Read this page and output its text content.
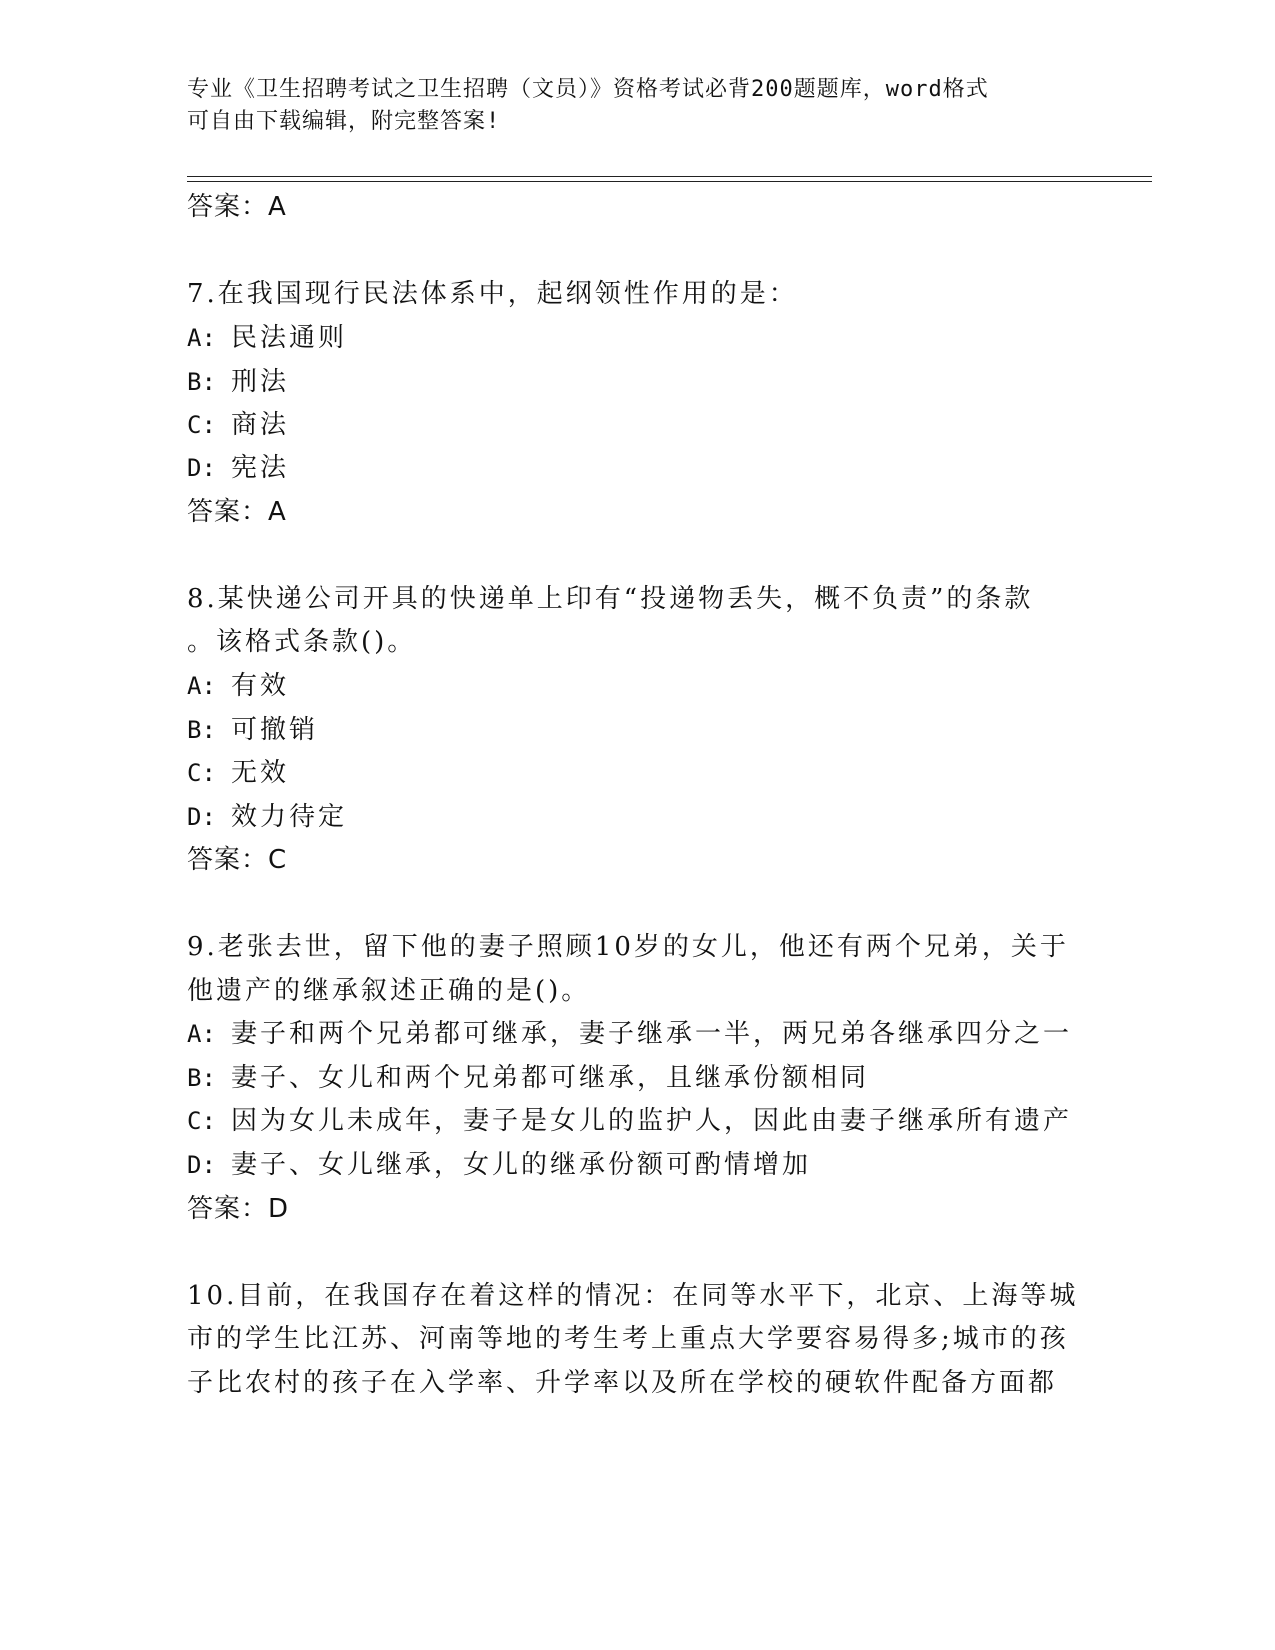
专业《卫生招聘考试之卫生招聘（文员）》资格考试必背200题题库，word格式
可自由下载编辑，附完整答案!
答案：A
7.在我国现行民法体系中，起纲领性作用的是：
A: 民法通则
B: 刑法
C: 商法
D: 宪法
答案：A
8.某快递公司开具的快递单上印有“投递物丢失，概不负责”的条款
。该格式条款()。
A: 有效
B: 可撤销
C: 无效
D: 效力待定
答案：C
9.老张去世，留下他的妻子照顾10岁的女儿，他还有两个兄弟，关于
他遗产的继承叙述正确的是()。
A: 妻子和两个兄弟都可继承，妻子继承一半，两兄弟各继承四分之一
B: 妻子、女儿和两个兄弟都可继承，且继承份额相同
C: 因为女儿未成年，妻子是女儿的监护人，因此由妻子继承所有遗产
D: 妻子、女儿继承，女儿的继承份额可酌情增加
答案：D
10.目前，在我国存在着这样的情况：在同等水平下，北京、上海等城
市的学生比江苏、河南等地的考生考上重点大学要容易得多;城市的孩
子比农村的孩子在入学率、升学率以及所在学校的硬软件配备方面都
